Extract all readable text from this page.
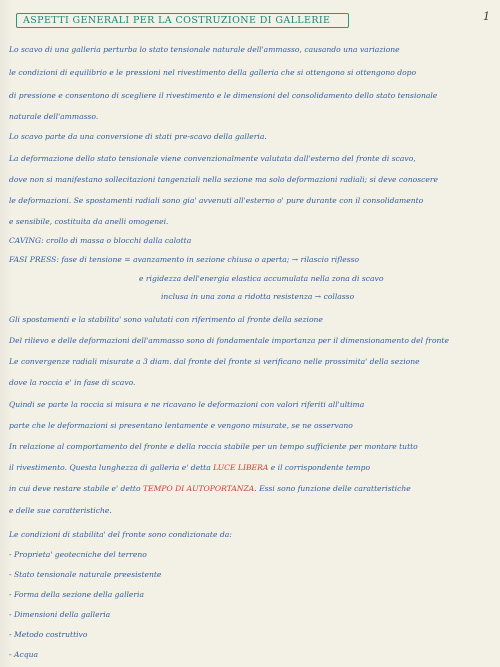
1
ASPETTI GENERALI PER LA COSTRUZIONE DI GALLERIE
Lo scavo di una galleria perturba lo stato tensionale naturale dell'ammasso, causando una variazione
le condizioni di equilibrio e le pressioni nel rivestimento della galleria che si ottengono si ottengono dopo
di pressione e consentono di scegliere il rivestimento e le dimensioni del consolidamento dello stato tensionale
naturale dell'ammasso.
Lo scavo parte da una conversione di stati pre-scavo della galleria.
La deformazione dello stato tensionale viene convenzionalmente valutata dall'esterno del fronte di scavo,
dove non si manifestano sollecitazioni tangenziali nella sezione ma solo deformazioni radiali; si deve conoscere
le deformazioni. Se spostamenti radiali sono gia' avvenuti all'esterno o' pure durante con il consolidamento
e sensibile, costituita da anelli omogenei.
CAVING: crollo di massa o blocchi dalla calotta
FASI PRESS: fase di tensione = avanzamento in sezione chiusa o aperta; → rilascio riflesso
e rigidezza dell'energia elastica accumulata nella zona di scavo
inclusa in una zona a ridotta resistenza → collasso
Gli spostamenti e la stabilita' sono valutati con riferimento al fronte della sezione
Del rilievo e delle deformazioni dell'ammasso sono di fondamentale importanza per il dimensionamento del fronte
Le convergenze radiali misurate a 3 diam. dal fronte del fronte si verificano nelle prossimita' della sezione
dove la roccia e' in fase di scavo.
Quindi se parte la roccia si misura e ne ricavano le deformazioni con valori riferiti all'ultima
parte che le deformazioni si presentano lentamente e vengono misurate, se ne osservano
In relazione al comportamento del fronte e della roccia stabile per un tempo sufficiente per montare tutto
il rivestimento. Questa lunghezza di galleria e' detta LUCE LIBERA e il corrispondente tempo
in cui deve restare stabile e' detto TEMPO DI AUTOPORTANZA. Essi sono funzione delle caratteristiche
e delle sue caratteristiche.
Le condizioni di stabilita' del fronte sono condizionate da:
- Proprieta' geotecniche del terreno
- Stato tensionale naturale preesistente
- Forma della sezione della galleria
- Dimensioni della galleria
- Metodo costruttivo
- Acqua
